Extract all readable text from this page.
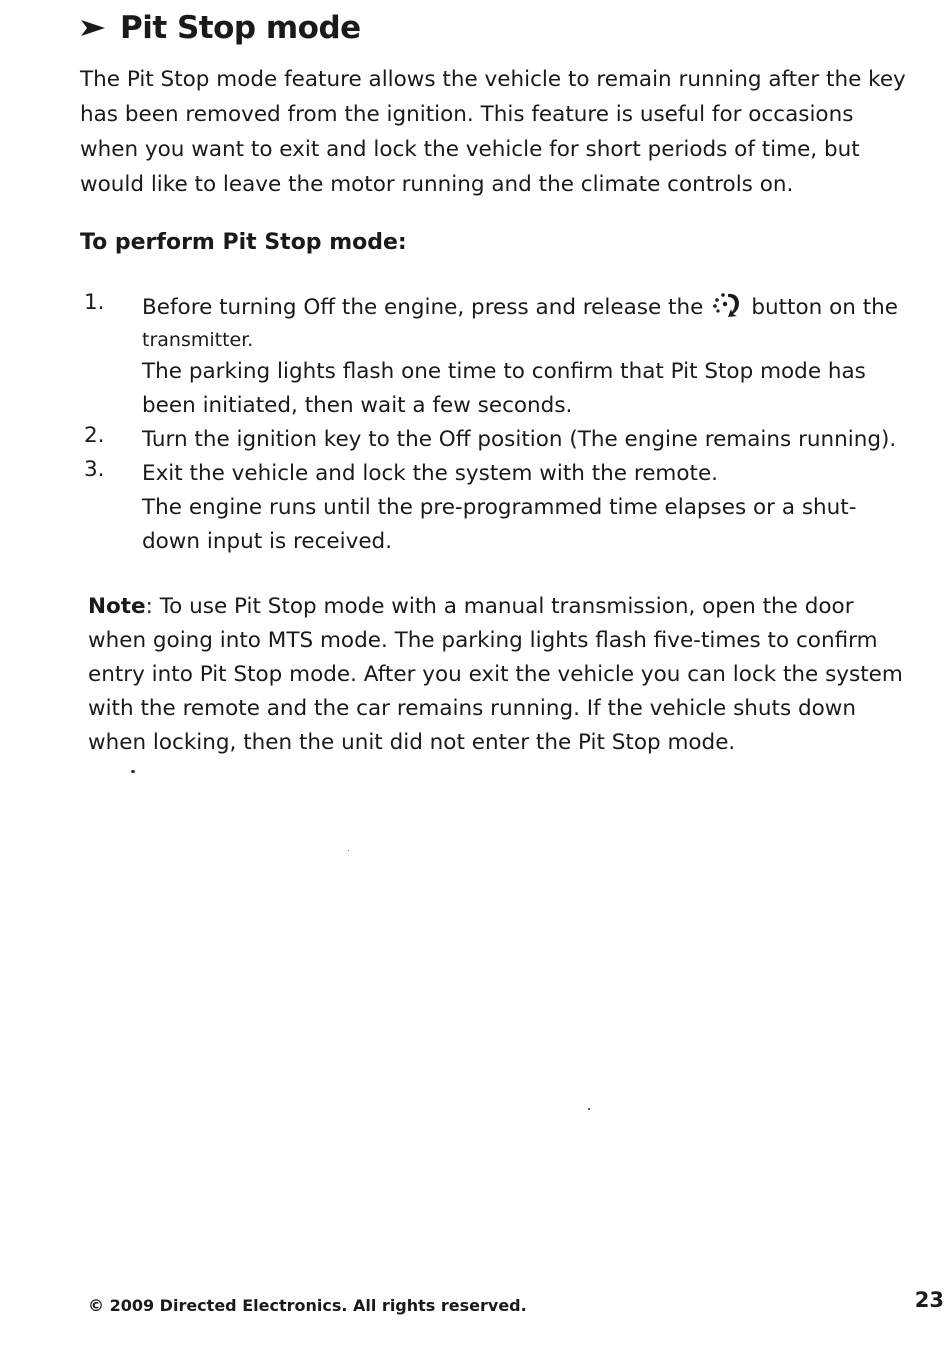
Pit Stop mode

The Pit Stop mode feature allows the vehicle to remain running after the key has been removed from the ignition. This feature is useful for occasions when you want to exit and lock the vehicle for short periods of time, but would like to leave the motor running and the climate controls on.

To perform Pit Stop mode:
1. Before turning Off the engine, press and release the button on the
transmitter.
The parking lights flash one time to confirm that Pit Stop mode has been initiated, then wait a few seconds.
2. Turn the ignition key to the Off position (The engine remains running).
3. Exit the vehicle and lock the system with the remote.
The engine runs until the pre-programmed time elapses or a shut-down input is received.

Note: To use Pit Stop mode with a manual transmission, open the door when going into MTS mode. The parking lights flash five-times to confirm entry into Pit Stop mode. After you exit the vehicle you can lock the system with the remote and the car remains running. If the vehicle shuts down when locking, then the unit did not enter the Pit Stop mode.

© 2009 Directed Electronics. All rights reserved.	23
